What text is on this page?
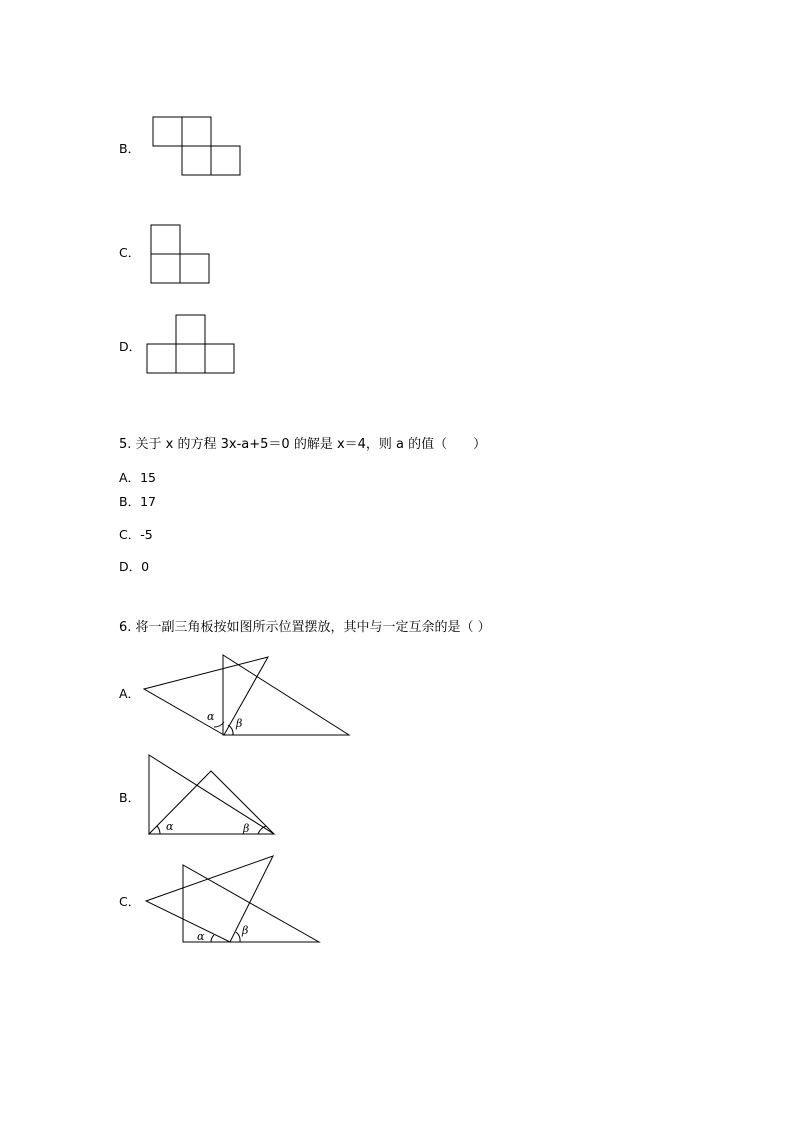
B．
C．
D．
5. 关于 x 的方程 3x-a+5＝0 的解是 x＝4，则 a 的值（　　）
A．15
B．17
C．-5
D．0
6. 将一副三角板按如图所示位置摆放，其中与一定互余的是（ ）
A．
α
β
B．
α	β
C．
α	β
